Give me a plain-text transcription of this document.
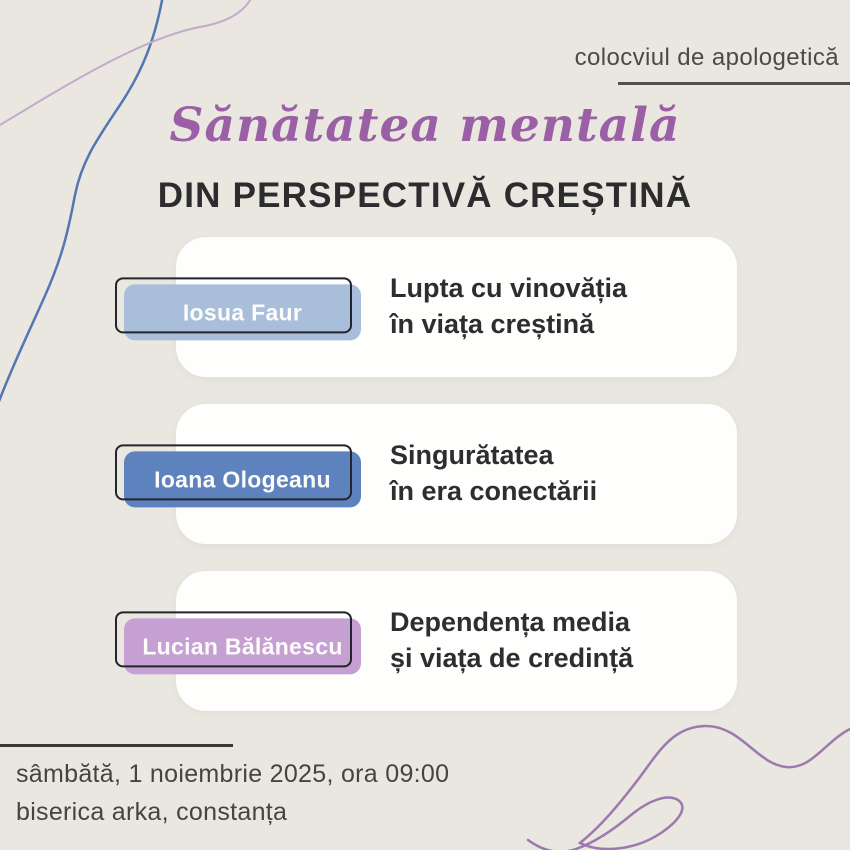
colocviul de apologetică
Sănătatea mentală
DIN PERSPECTIVĂ CREȘTINĂ
Iosua Faur
Lupta cu vinovăția
în viața creștină
Ioana Ologeanu
Singurătatea
în era conectării
Lucian Bălănescu
Dependența media
și viața de credință
sâmbătă, 1 noiembrie 2025, ora 09:00
biserica arka, constanța
